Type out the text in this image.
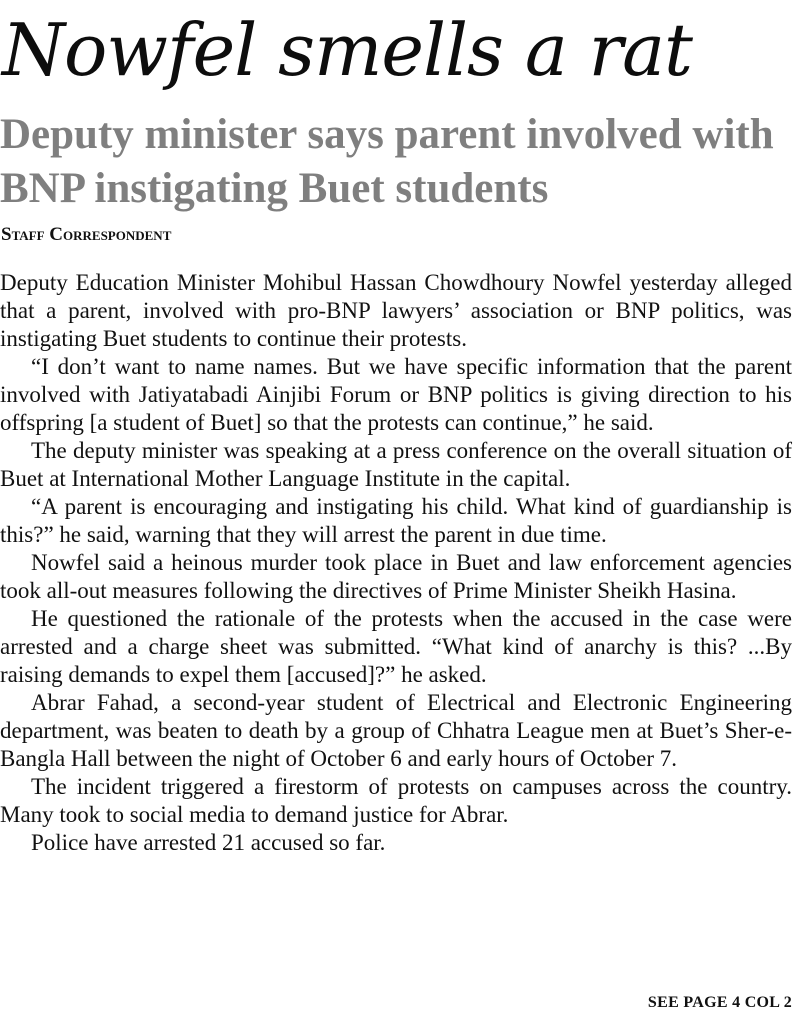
Nowfel smells a rat
Deputy minister says parent involved with BNP instigating Buet students
Staff Correspondent

Deputy Education Minister Mohibul Hassan Chowdhoury Nowfel yesterday alleged that a parent, involved with pro-BNP lawyers’ association or BNP politics, was instigating Buet students to continue their protests.

“I don’t want to name names. But we have specific information that the parent involved with Jatiyatabadi Ainjibi Forum or BNP politics is giving direction to his offspring [a student of Buet] so that the protests can continue,” he said.

The deputy minister was speaking at a press conference on the overall situation of Buet at International Mother Language Institute in the capital.

“A parent is encouraging and instigating his child. What kind of guardianship is this?” he said, warning that they will arrest the parent in due time.

Nowfel said a heinous murder took place in Buet and law enforcement agencies took all-out measures following the directives of Prime Minister Sheikh Hasina.

He questioned the rationale of the protests when the accused in the case were arrested and a charge sheet was submitted. “What kind of anarchy is this? ...By raising demands to expel them [accused]?” he asked.

Abrar Fahad, a second-year student of Electrical and Electronic Engineering department, was beaten to death by a group of Chhatra League men at Buet’s Sher-e-Bangla Hall between the night of October 6 and early hours of October 7.

The incident triggered a firestorm of protests on campuses across the country. Many took to social media to demand justice for Abrar.

Police have arrested 21 accused so far.

SEE PAGE 4 COL 2
